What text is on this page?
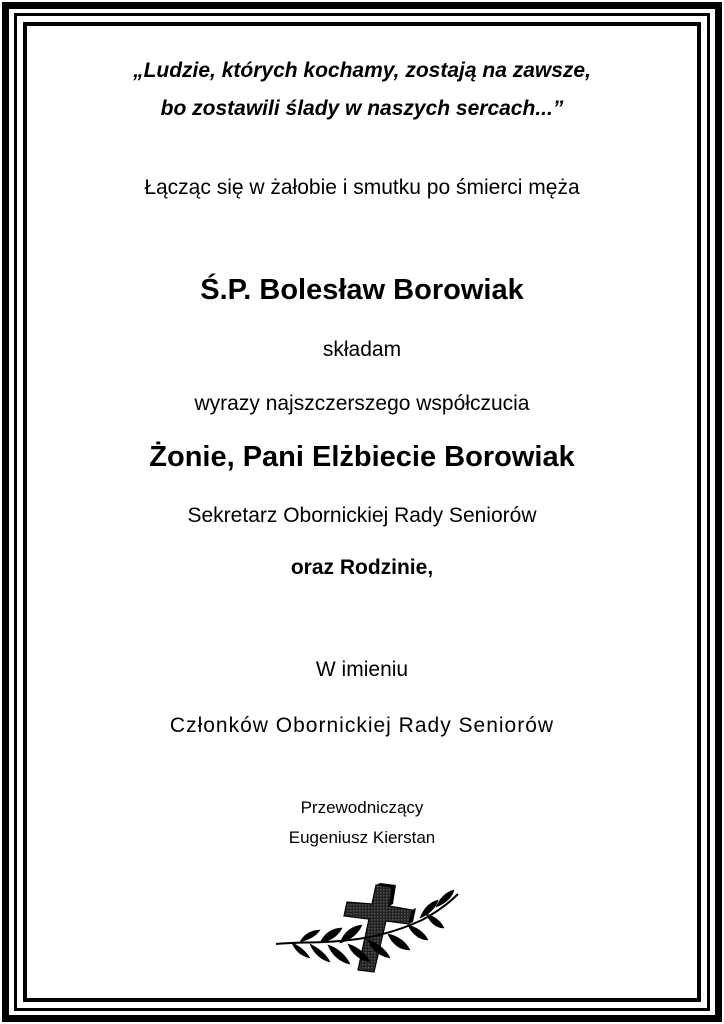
„Ludzie, których kochamy, zostają na zawsze,
bo zostawili ślady w naszych sercach...”
Łącząc się w żałobie i smutku po śmierci męża
Ś.P. Bolesław Borowiak
składam
wyrazy najszczerszego współczucia
Żonie, Pani Elżbiecie Borowiak
Sekretarz Obornickiej Rady Seniorów
oraz Rodzinie,
W imieniu
Członków Obornickiej Rady Seniorów
Przewodniczący
Eugeniusz Kierstan
